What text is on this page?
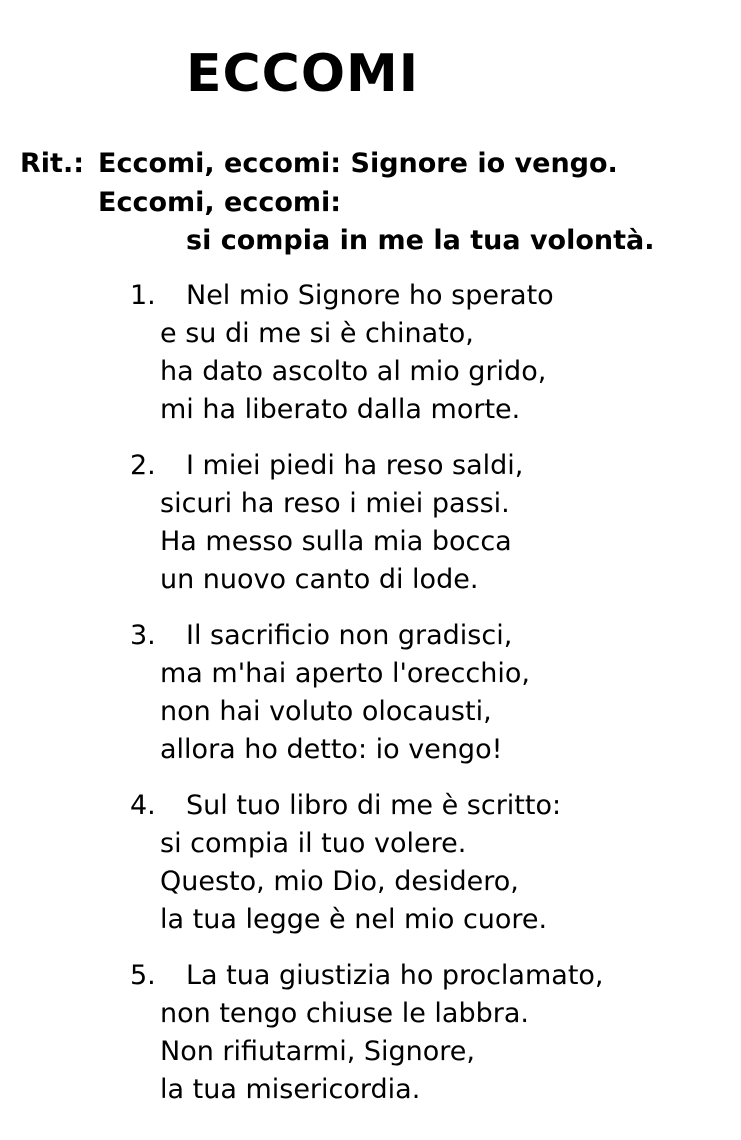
ECCOMI
Rit.: Eccomi, eccomi: Signore io vengo.
Eccomi, eccomi:
si compia in me la tua volontà.
1. Nel mio Signore ho sperato
e su di me si è chinato,
ha dato ascolto al mio grido,
mi ha liberato dalla morte.
2. I miei piedi ha reso saldi,
sicuri ha reso i miei passi.
Ha messo sulla mia bocca
un nuovo canto di lode.
3. Il sacrificio non gradisci,
ma m'hai aperto l'orecchio,
non hai voluto olocausti,
allora ho detto: io vengo!
4. Sul tuo libro di me è scritto:
si compia il tuo volere.
Questo, mio Dio, desidero,
la tua legge è nel mio cuore.
5. La tua giustizia ho proclamato,
non tengo chiuse le labbra.
Non rifiutarmi, Signore,
la tua misericordia.
